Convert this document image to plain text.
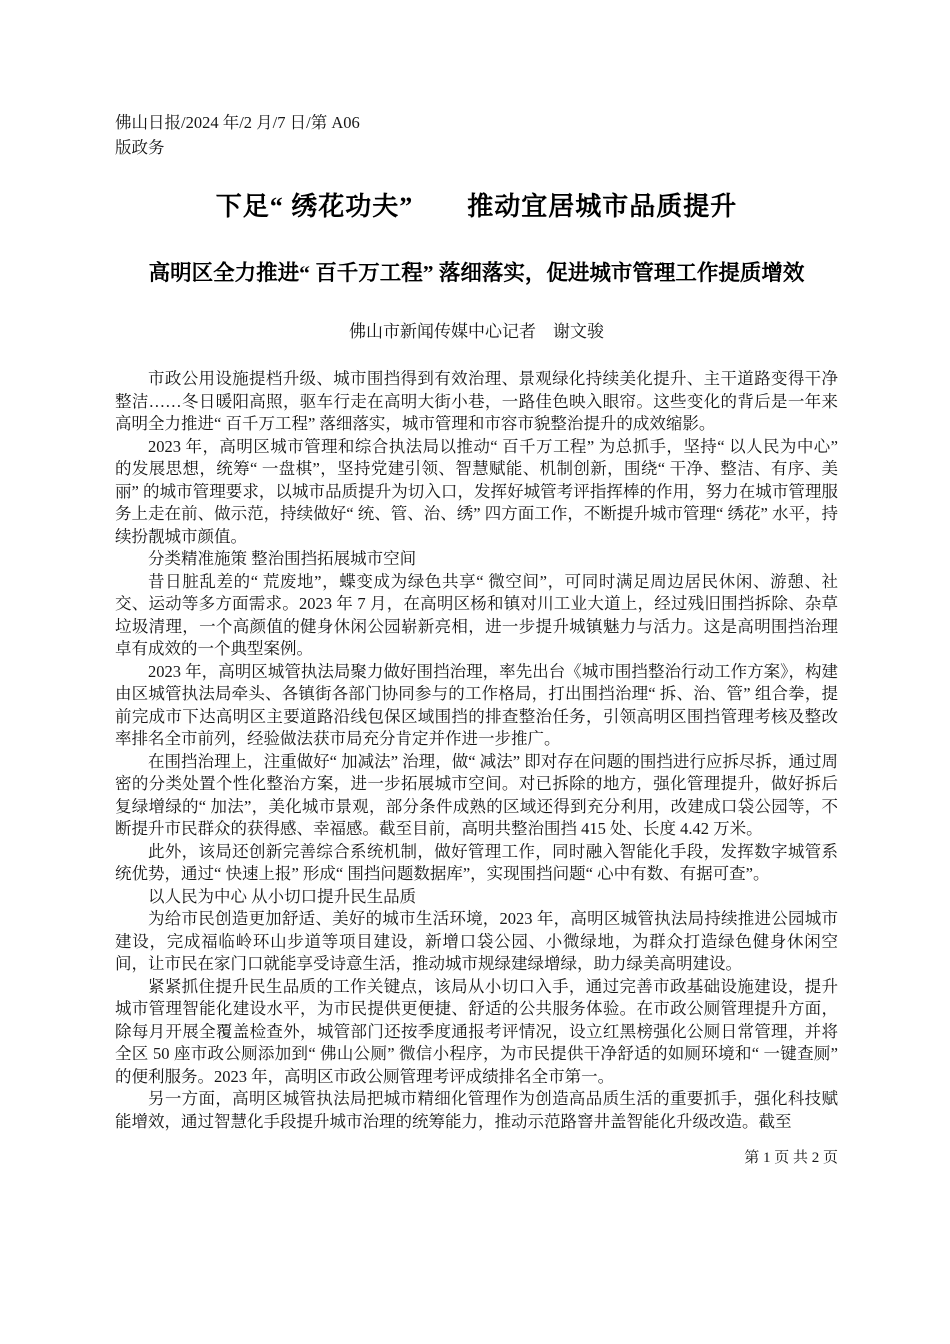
佛山日报/2024 年/2 月/7 日/第 A06
版政务
下足“ 绣花功夫”　　推动宜居城市品质提升
高明区全力推进“ 百千万工程” 落细落实，促进城市管理工作提质增效
佛山市新闻传媒中心记者　谢文骏

市政公用设施提档升级、城市围挡得到有效治理、景观绿化持续美化提升、主干道路变得干净整洁……冬日暖阳高照，驱车行走在高明大街小巷，一路佳色映入眼帘。这些变化的背后是一年来高明全力推进“ 百千万工程” 落细落实，城市管理和市容市貌整治提升的成效缩影。

2023 年，高明区城市管理和综合执法局以推动“ 百千万工程” 为总抓手，坚持“ 以人民为中心” 的发展思想，统筹“ 一盘棋”，坚持党建引领、智慧赋能、机制创新，围绕“ 干净、整洁、有序、美丽” 的城市管理要求，以城市品质提升为切入口，发挥好城管考评指挥棒的作用，努力在城市管理服务上走在前、做示范，持续做好“ 统、管、治、绣” 四方面工作，不断提升城市管理“ 绣花” 水平，持续扮靓城市颜值。

分类精准施策 整治围挡拓展城市空间

昔日脏乱差的“ 荒废地”，蝶变成为绿色共享“ 微空间”，可同时满足周边居民休闲、游憩、社交、运动等多方面需求。2023 年 7 月，在高明区杨和镇对川工业大道上，经过残旧围挡拆除、杂草垃圾清理，一个高颜值的健身休闲公园崭新亮相，进一步提升城镇魅力与活力。这是高明围挡治理卓有成效的一个典型案例。

2023 年，高明区城管执法局聚力做好围挡治理，率先出台《城市围挡整治行动工作方案》，构建由区城管执法局牵头、各镇街各部门协同参与的工作格局，打出围挡治理“ 拆、治、管” 组合拳，提前完成市下达高明区主要道路沿线包保区域围挡的排查整治任务，引领高明区围挡管理考核及整改率排名全市前列，经验做法获市局充分肯定并作进一步推广。

在围挡治理上，注重做好“ 加减法” 治理，做“ 减法” 即对存在问题的围挡进行应拆尽拆，通过周密的分类处置个性化整治方案，进一步拓展城市空间。对已拆除的地方，强化管理提升，做好拆后复绿增绿的“ 加法”，美化城市景观，部分条件成熟的区域还得到充分利用，改建成口袋公园等，不断提升市民群众的获得感、幸福感。截至目前，高明共整治围挡 415 处、长度 4.42 万米。

此外，该局还创新完善综合系统机制，做好管理工作，同时融入智能化手段，发挥数字城管系统优势，通过“ 快速上报” 形成“ 围挡问题数据库”，实现围挡问题“ 心中有数、有据可查”。

以人民为中心 从小切口提升民生品质

为给市民创造更加舒适、美好的城市生活环境，2023 年，高明区城管执法局持续推进公园城市建设，完成福临岭环山步道等项目建设，新增口袋公园、小微绿地，为群众打造绿色健身休闲空间，让市民在家门口就能享受诗意生活，推动城市规绿建绿增绿，助力绿美高明建设。

紧紧抓住提升民生品质的工作关键点，该局从小切口入手，通过完善市政基础设施建设，提升城市管理智能化建设水平，为市民提供更便捷、舒适的公共服务体验。在市政公厕管理提升方面，除每月开展全覆盖检查外，城管部门还按季度通报考评情况，设立红黑榜强化公厕日常管理，并将全区 50 座市政公厕添加到“ 佛山公厕” 微信小程序，为市民提供干净舒适的如厕环境和“ 一键查厕” 的便利服务。2023 年，高明区市政公厕管理考评成绩排名全市第一。

另一方面，高明区城管执法局把城市精细化管理作为创造高品质生活的重要抓手，强化科技赋能增效，通过智慧化手段提升城市治理的统筹能力，推动示范路窨井盖智能化升级改造。截至

第 1 页 共 2 页
